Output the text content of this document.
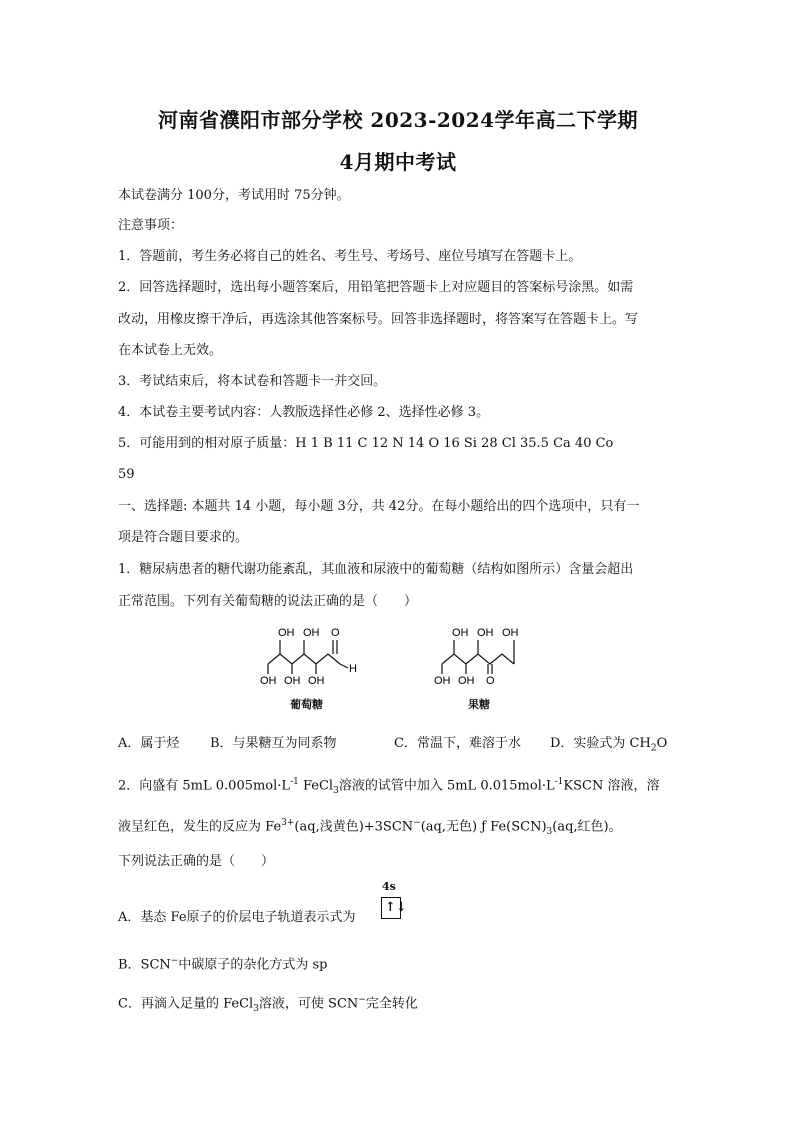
河南省濮阳市部分学校 2023-2024学年高二下学期
4月期中考试
本试卷满分 100分，考试用时 75分钟。
注意事项：
1．答题前，考生务必将自己的姓名、考生号、考场号、座位号填写在答题卡上。
2．回答选择题时，选出每小题答案后，用铅笔把答题卡上对应题目的答案标号涂黑。如需
改动，用橡皮擦干净后，再选涂其他答案标号。回答非选择题时，将答案写在答题卡上。写
在本试卷上无效。
3．考试结束后，将本试卷和答题卡一并交回。
4．本试卷主要考试内容：人教版选择性必修 2、选择性必修 3。
5．可能用到的相对原子质量：H 1 B 11 C 12 N 14 O 16 Si 28 Cl 35.5 Ca 40 Co
59
一、选择题: 本题共 14 小题，每小题 3分，共 42分。在每小题给出的四个选项中，只有一
项是符合题目要求的。
1．糖尿病患者的糖代谢功能紊乱，其血液和尿液中的葡萄糖（结构如图所示）含量会超出
正常范围。下列有关葡萄糖的说法正确的是（　　）
OH OH O
H
OH OH OH
葡萄糖
OH OH OH
OH OH O
果糖
A．属于烃 B．与果糖互为同系物	C．常温下，难溶于水 D．实验式为 $CH_2O$
2．向盛有 5mL $0.005mol\cdot L^{-1}$ FeCl$_3$溶液的试管中加入 5mL $0.015mol\cdot L^{-1}KSCN$ 溶液，溶
液呈红色，发生的反应为 $Fe^{3+}(aq$,浅黄色)+3SCN−(aq,无色) ƒ $Fe(SCN)_3(aq$,红色)。
下列说法正确的是（　　）
4s
↑↓
A．基态 Fe原子的价层电子轨道表示式为
B．SCN−中碳原子的杂化方式为 sp
C．再滴入足量的 FeCl$_3$溶液，可使 SCN−完全转化
